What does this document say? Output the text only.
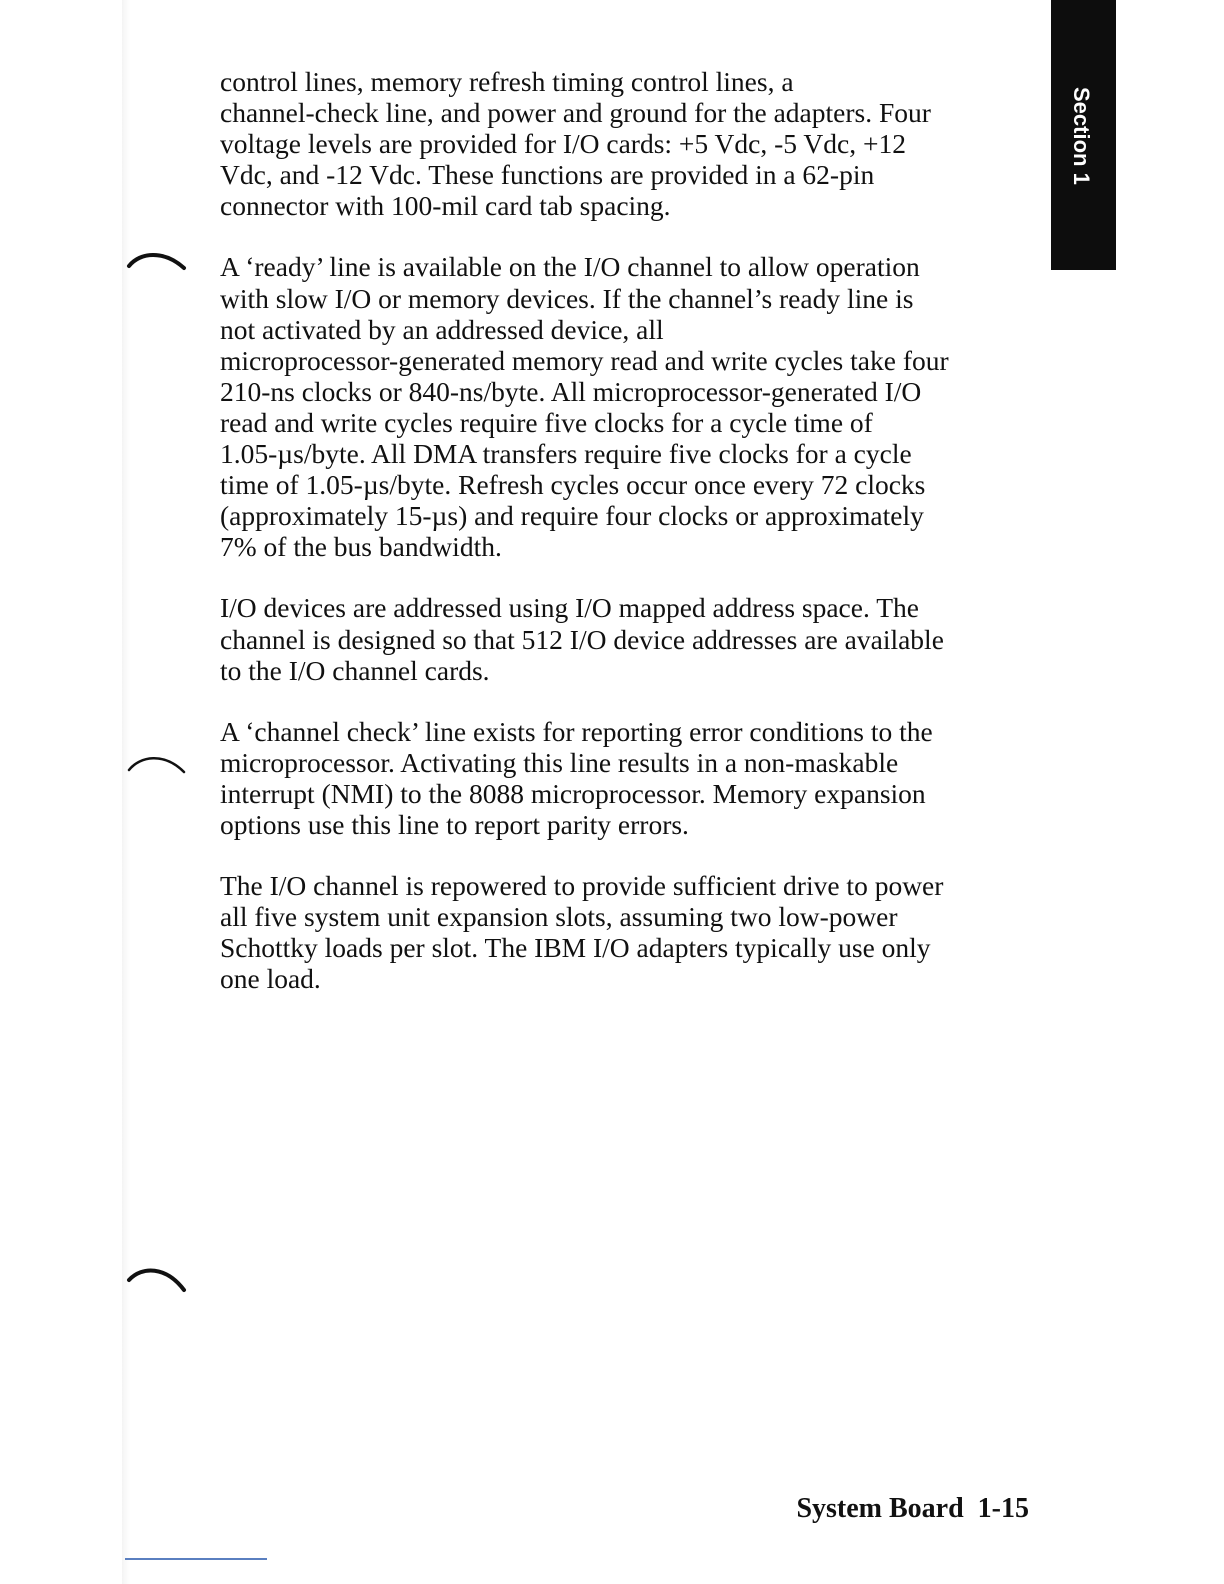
Section 1

control lines, memory refresh timing control lines, a
channel-check line, and power and ground for the adapters. Four
voltage levels are provided for I/O cards: +5 Vdc, -5 Vdc, +12
Vdc, and -12 Vdc. These functions are provided in a 62-pin
connector with 100-mil card tab spacing.

A ‘ready’ line is available on the I/O channel to allow operation
with slow I/O or memory devices. If the channel’s ready line is
not activated by an addressed device, all
microprocessor-generated memory read and write cycles take four
210-ns clocks or 840-ns/byte. All microprocessor-generated I/O
read and write cycles require five clocks for a cycle time of
1.05-µs/byte. All DMA transfers require five clocks for a cycle
time of 1.05-µs/byte. Refresh cycles occur once every 72 clocks
(approximately 15-µs) and require four clocks or approximately
7% of the bus bandwidth.

I/O devices are addressed using I/O mapped address space. The
channel is designed so that 512 I/O device addresses are available
to the I/O channel cards.

A ‘channel check’ line exists for reporting error conditions to the
microprocessor. Activating this line results in a non-maskable
interrupt (NMI) to the 8088 microprocessor. Memory expansion
options use this line to report parity errors.

The I/O channel is repowered to provide sufficient drive to power
all five system unit expansion slots, assuming two low-power
Schottky loads per slot. The IBM I/O adapters typically use only
one load.

System Board 1-15
